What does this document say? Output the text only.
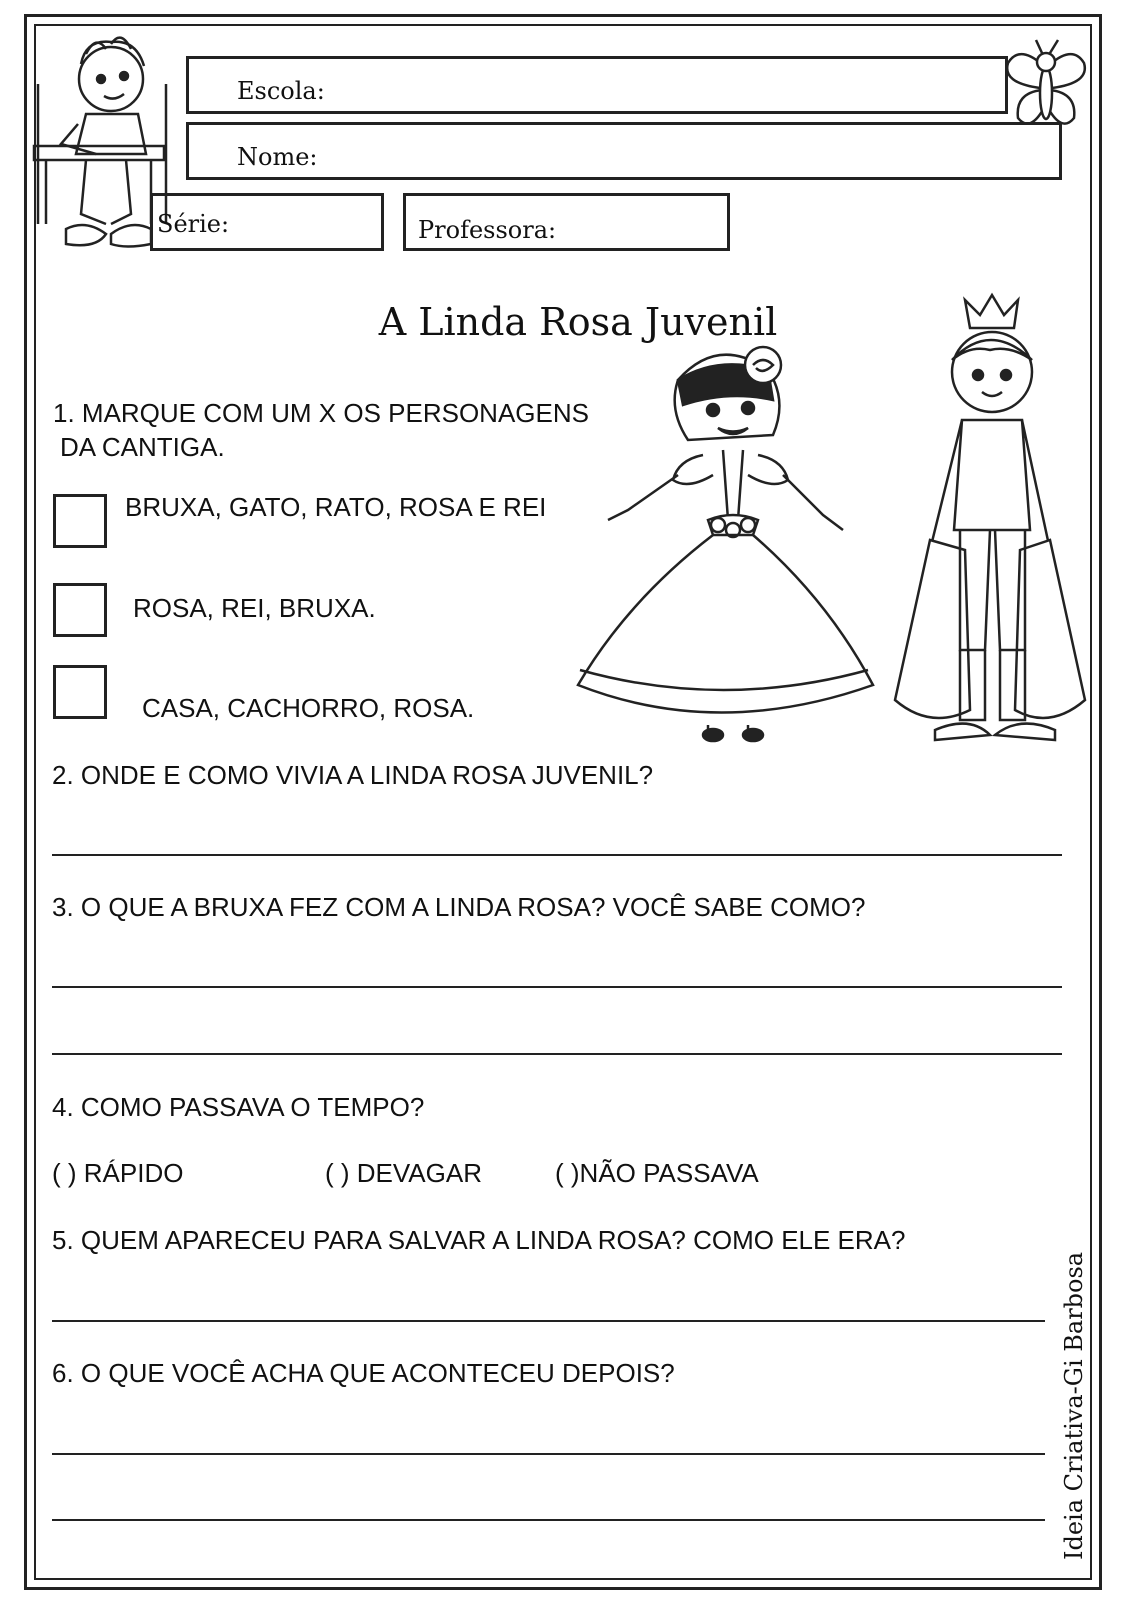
Escola:
Nome:
Série:	Professora:
A Linda Rosa Juvenil
1. MARQUE COM UM X OS PERSONAGENS
DA CANTIGA.
BRUXA, GATO, RATO, ROSA E REI
ROSA, REI, BRUXA.
CASA, CACHORRO, ROSA.
2. ONDE E COMO VIVIA A LINDA ROSA JUVENIL?
3. O QUE A BRUXA FEZ COM A LINDA ROSA? VOCÊ SABE COMO?
4. COMO PASSAVA O TEMPO?
( ) RÁPIDO	( ) DEVAGAR	( )NÃO PASSAVA
5. QUEM APARECEU PARA SALVAR A LINDA ROSA? COMO ELE ERA?
6. O QUE VOCÊ ACHA QUE ACONTECEU DEPOIS?	Ideia Criativa-Gi Barbosa
